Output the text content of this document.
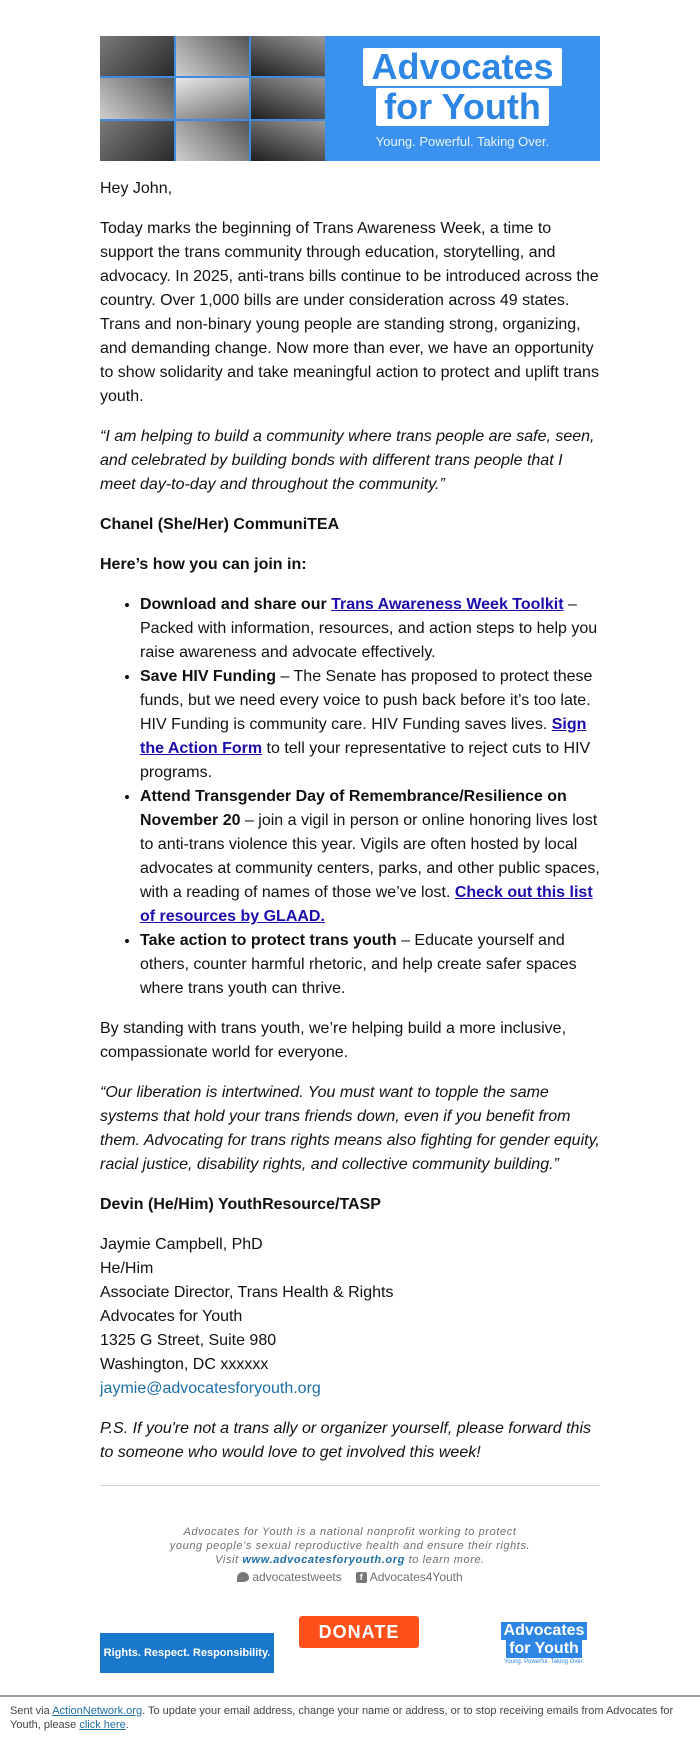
Advocates
for Youth
Young. Powerful. Taking Over.

Hey John,

Today marks the beginning of Trans Awareness Week, a time to support the trans community through education, storytelling, and advocacy. In 2025, anti-trans bills continue to be introduced across the country. Over 1,000 bills are under consideration across 49 states. Trans and non-binary young people are standing strong, organizing, and demanding change. Now more than ever, we have an opportunity to show solidarity and take meaningful action to protect and uplift trans youth.

“I am helping to build a community where trans people are safe, seen, and celebrated by building bonds with different trans people that I meet day-to-day and throughout the community.”

Chanel (She/Her) CommuniTEA

Here’s how you can join in:

• Download and share our Trans Awareness Week Toolkit – Packed with information, resources, and action steps to help you raise awareness and advocate effectively.
• Save HIV Funding – The Senate has proposed to protect these funds, but we need every voice to push back before it’s too late. HIV Funding is community care. HIV Funding saves lives. Sign the Action Form to tell your representative to reject cuts to HIV programs.
• Attend Transgender Day of Remembrance/Resilience on November 20 – join a vigil in person or online honoring lives lost to anti-trans violence this year. Vigils are often hosted by local advocates at community centers, parks, and other public spaces, with a reading of names of those we’ve lost. Check out this list of resources by GLAAD.
• Take action to protect trans youth – Educate yourself and others, counter harmful rhetoric, and help create safer spaces where trans youth can thrive.

By standing with trans youth, we’re helping build a more inclusive, compassionate world for everyone.

“Our liberation is intertwined. You must want to topple the same systems that hold your trans friends down, even if you benefit from them. Advocating for trans rights means also fighting for gender equity, racial justice, disability rights, and collective community building.”

Devin (He/Him) YouthResource/TASP

Jaymie Campbell, PhD

He/Him

Associate Director, Trans Health & Rights

Advocates for Youth

1325 G Street, Suite 980

Washington, DC xxxxxx

jaymie@advocatesforyouth.org

P.S. If you're not a trans ally or organizer yourself, please forward this to someone who would love to get involved this week!

Advocates for Youth is a national nonprofit working to protect
young people’s sexual reproductive health and ensure their rights.
Visit www.advocatesforyouth.org to learn more.
advocatestweets	f Advocates4Youth
Rights. Respect. Responsibility.
DONATE	Advocates
for Youth
Young. Powerful. Taking Over.
Sent via ActionNetwork.org. To update your email address, change your name or address, or to stop receiving emails from Advocates for Youth, please click here.
